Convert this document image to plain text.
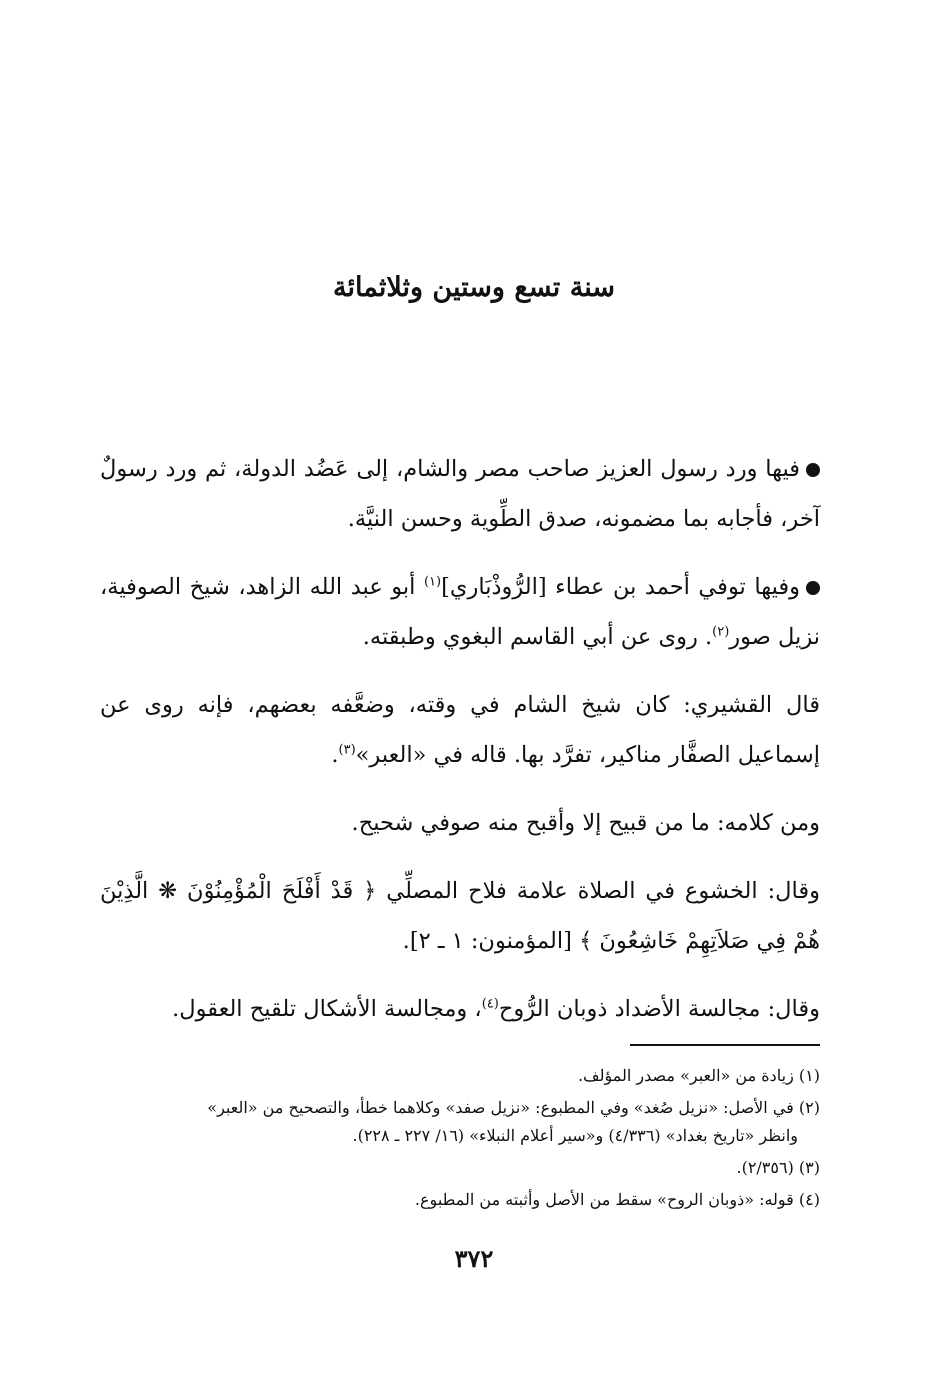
سنة تسع وستين وثلاثمائة

فيها ورد رسول العزيز صاحب مصر والشام، إلى عَضُد الدولة، ثم ورد رسولٌ آخر، فأجابه بما مضمونه، صدق الطِّوية وحسن النيَّة.

وفيها توفي أحمد بن عطاء [الرُّوذْبَاري]$^{(١)}$ أبو عبد الله الزاهد، شيخ الصوفية، نزيل صور$^{(٢)}$. روى عن أبي القاسم البغوي وطبقته.

قال القشيري: كان شيخ الشام في وقته، وضعَّفه بعضهم، فإنه روى عن إسماعيل الصفَّار مناكير، تفرَّد بها. قاله في «العبر»$^{(٣)}$.

ومن كلامه: ما من قبيح إلا وأقبح منه صوفي شحيح.

وقال: الخشوع في الصلاة علامة فلاح المصلِّي ﴿ قَدْ أَفْلَحَ الْمُؤْمِنُوْنَ ❋ الَّذِيْنَ هُمْ فِي صَلاَتِهِمْ خَاشِعُونَ ﴾ [المؤمنون: ١ ـ ٢].

وقال: مجالسة الأضداد ذوبان الرُّوح$^{(٤)}$، ومجالسة الأشكال تلقيح العقول.

(١) زيادة من «العبر» مصدر المؤلف.

(٢) في الأصل: «نزيل صُغد» وفي المطبوع: «نزيل صفد» وكلاهما خطأ، والتصحيح من «العبر»

وانظر «تاريخ بغداد» (٤/٣٣٦) و«سير أعلام النبلاء» (١٦/ ٢٢٧ ـ ٢٢٨).

(٣) (٢/٣٥٦).

(٤) قوله: «ذوبان الروح» سقط من الأصل وأثبته من المطبوع.

٣٧٢
